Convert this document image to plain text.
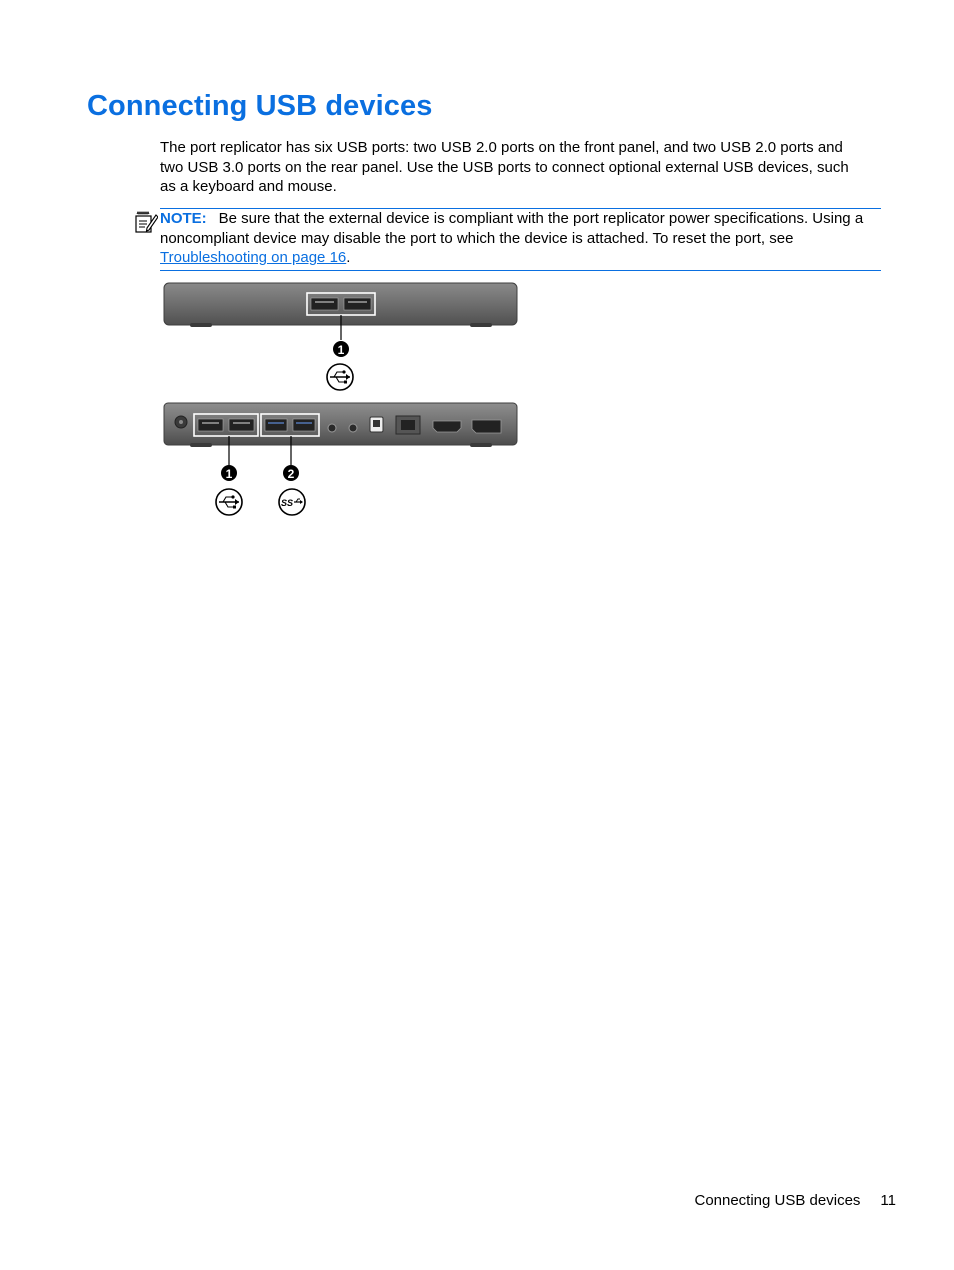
Connecting USB devices

The port replicator has six USB ports: two USB 2.0 ports on the front panel, and two USB 2.0 ports and two USB 3.0 ports on the rear panel. Use the USB ports to connect optional external USB devices, such as a keyboard and mouse.

NOTE: Be sure that the external device is compliant with the port replicator power specifications. Using a noncompliant device may disable the port to which the device is attached. To reset the port, see Troubleshooting on page 16.
1
1	2
SS
Connecting USB devices 11
